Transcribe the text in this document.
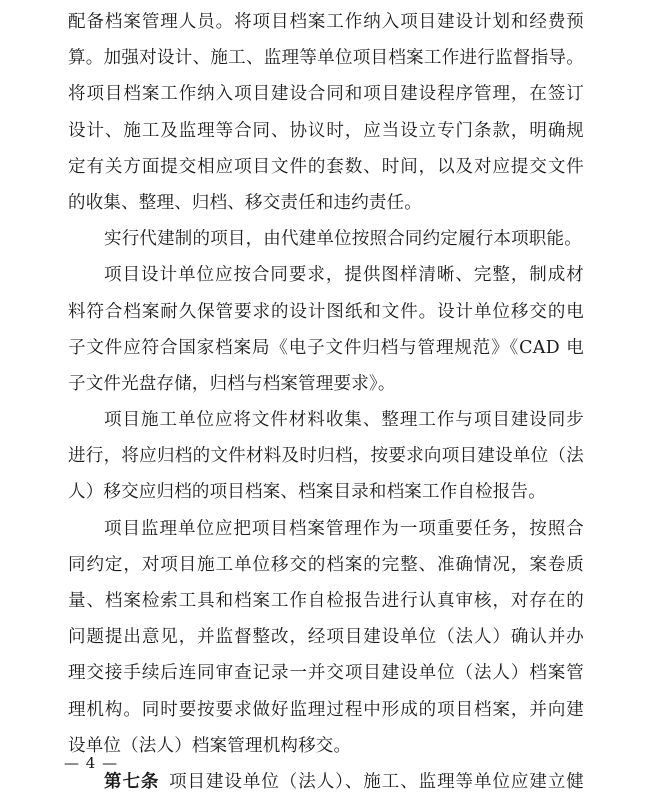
配备档案管理人员。将项目档案工作纳入项目建设计划和经费预
算。加强对设计、施工、监理等单位项目档案工作进行监督指导。
将项目档案工作纳入项目建设合同和项目建设程序管理，在签订
设计、施工及监理等合同、协议时，应当设立专门条款，明确规
定有关方面提交相应项目文件的套数、时间，以及对应提交文件
的收集、整理、归档、移交责任和违约责任。
实行代建制的项目，由代建单位按照合同约定履行本项职能。
项目设计单位应按合同要求，提供图样清晰、完整，制成材
料符合档案耐久保管要求的设计图纸和文件。设计单位移交的电
子文件应符合国家档案局《电子文件归档与管理规范》《CAD 电
子文件光盘存储，归档与档案管理要求》。
项目施工单位应将文件材料收集、整理工作与项目建设同步
进行，将应归档的文件材料及时归档，按要求向项目建设单位（法
人）移交应归档的项目档案、档案目录和档案工作自检报告。
项目监理单位应把项目档案管理作为一项重要任务，按照合
同约定，对项目施工单位移交的档案的完整、准确情况，案卷质
量、档案检索工具和档案工作自检报告进行认真审核，对存在的
问题提出意见，并监督整改，经项目建设单位（法人）确认并办
理交接手续后连同审查记录一并交项目建设单位（法人）档案管
理机构。同时要按要求做好监理过程中形成的项目档案，并向建
设单位（法人）档案管理机构移交。
第七条  项目建设单位（法人）、施工、监理等单位应建立健
— 4 —
